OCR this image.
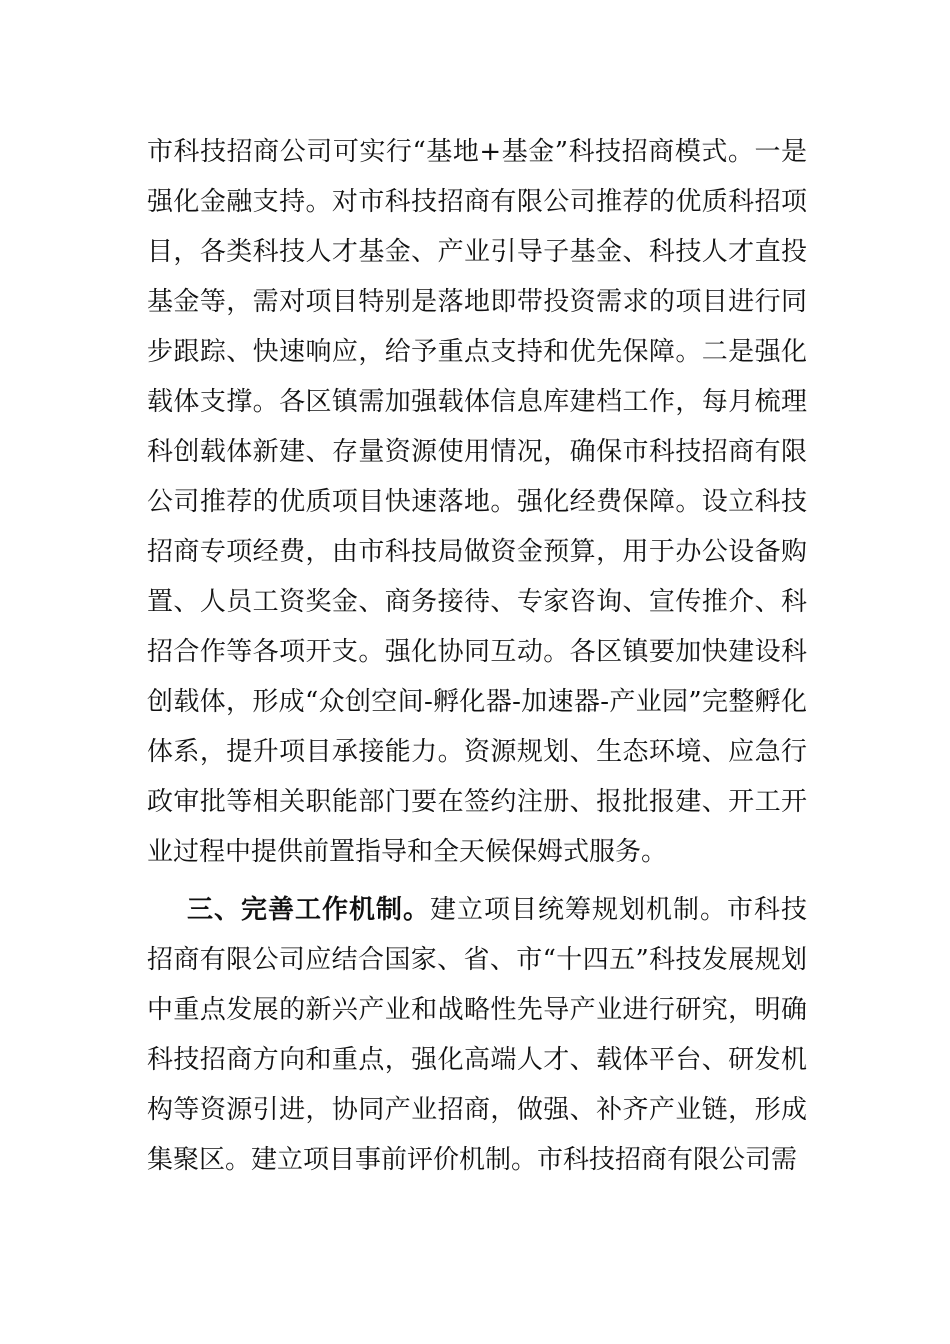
市科技招商公司可实行“基地+基金”科技招商模式。一是强化金融支持。对市科技招商有限公司推荐的优质科招项目，各类科技人才基金、产业引导子基金、科技人才直投基金等，需对项目特别是落地即带投资需求的项目进行同步跟踪、快速响应，给予重点支持和优先保障。二是强化载体支撑。各区镇需加强载体信息库建档工作，每月梳理科创载体新建、存量资源使用情况，确保市科技招商有限公司推荐的优质项目快速落地。强化经费保障。设立科技招商专项经费，由市科技局做资金预算，用于办公设备购置、人员工资奖金、商务接待、专家咨询、宣传推介、科招合作等各项开支。强化协同互动。各区镇要加快建设科创载体，形成“众创空间-孵化器-加速器-产业园”完整孵化体系，提升项目承接能力。资源规划、生态环境、应急行政审批等相关职能部门要在签约注册、报批报建、开工开业过程中提供前置指导和全天候保姆式服务。

三、完善工作机制。建立项目统筹规划机制。市科技招商有限公司应结合国家、省、市“十四五”科技发展规划中重点发展的新兴产业和战略性先导产业进行研究，明确科技招商方向和重点，强化高端人才、载体平台、研发机构等资源引进，协同产业招商，做强、补齐产业链，形成集聚区。建立项目事前评价机制。市科技招商有限公司需
